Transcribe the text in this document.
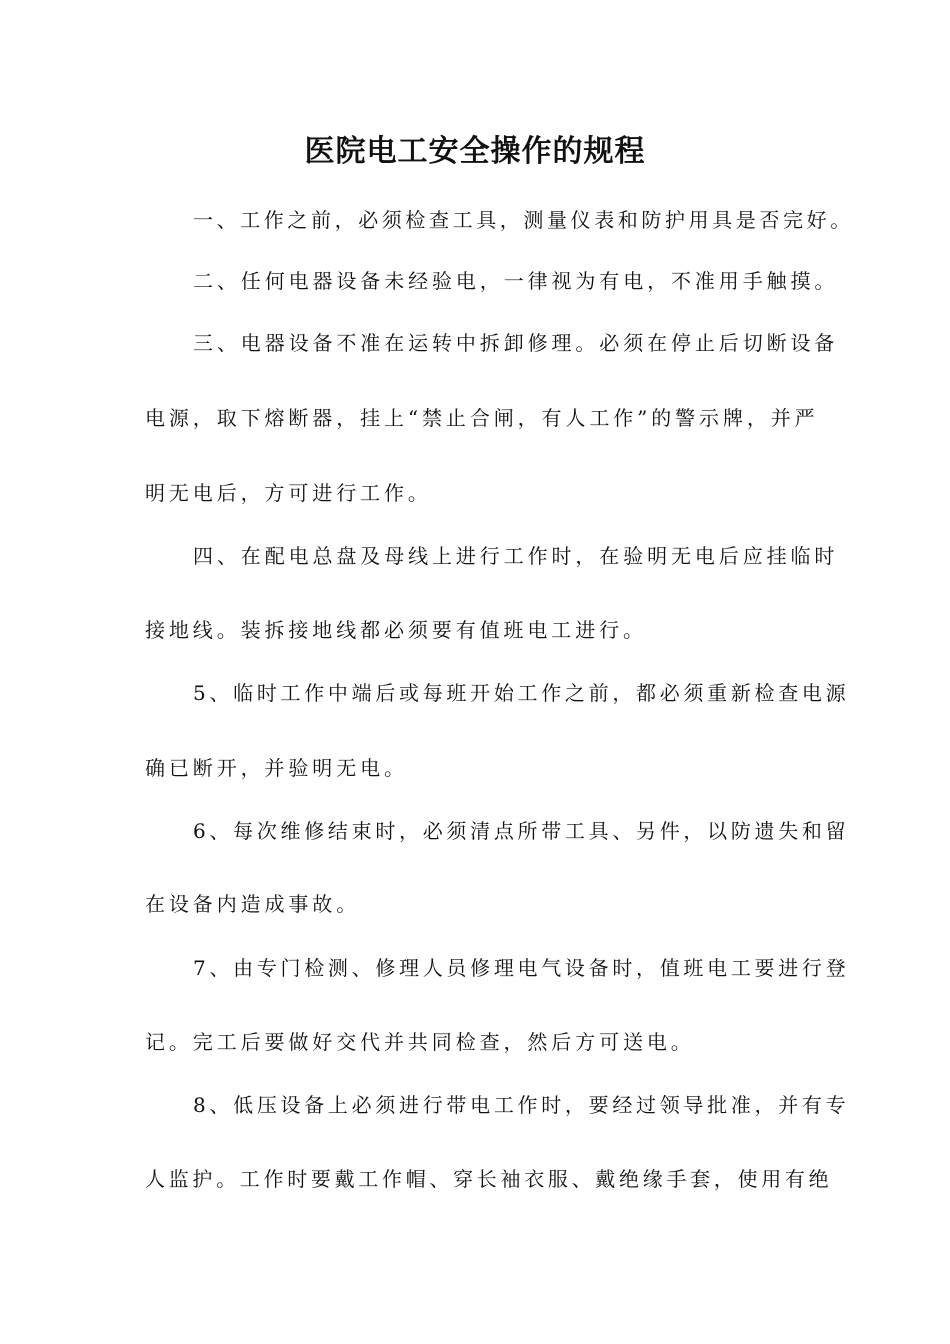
医院电工安全操作的规程
一、工作之前，必须检查工具，测量仪表和防护用具是否完好。
二、任何电器设备未经验电，一律视为有电，不准用手触摸。
三、电器设备不准在运转中拆卸修理。必须在停止后切断设备
电源，取下熔断器，挂上“禁止合闸，有人工作”的警示牌，并严
明无电后，方可进行工作。
四、在配电总盘及母线上进行工作时，在验明无电后应挂临时
接地线。装拆接地线都必须要有值班电工进行。
5、临时工作中端后或每班开始工作之前，都必须重新检查电源
确已断开，并验明无电。
6、每次维修结束时，必须清点所带工具、另件，以防遗失和留
在设备内造成事故。
7、由专门检测、修理人员修理电气设备时，值班电工要进行登
记。完工后要做好交代并共同检查，然后方可送电。
8、低压设备上必须进行带电工作时，要经过领导批准，并有专
人监护。工作时要戴工作帽、穿长袖衣服、戴绝缘手套，使用有绝
